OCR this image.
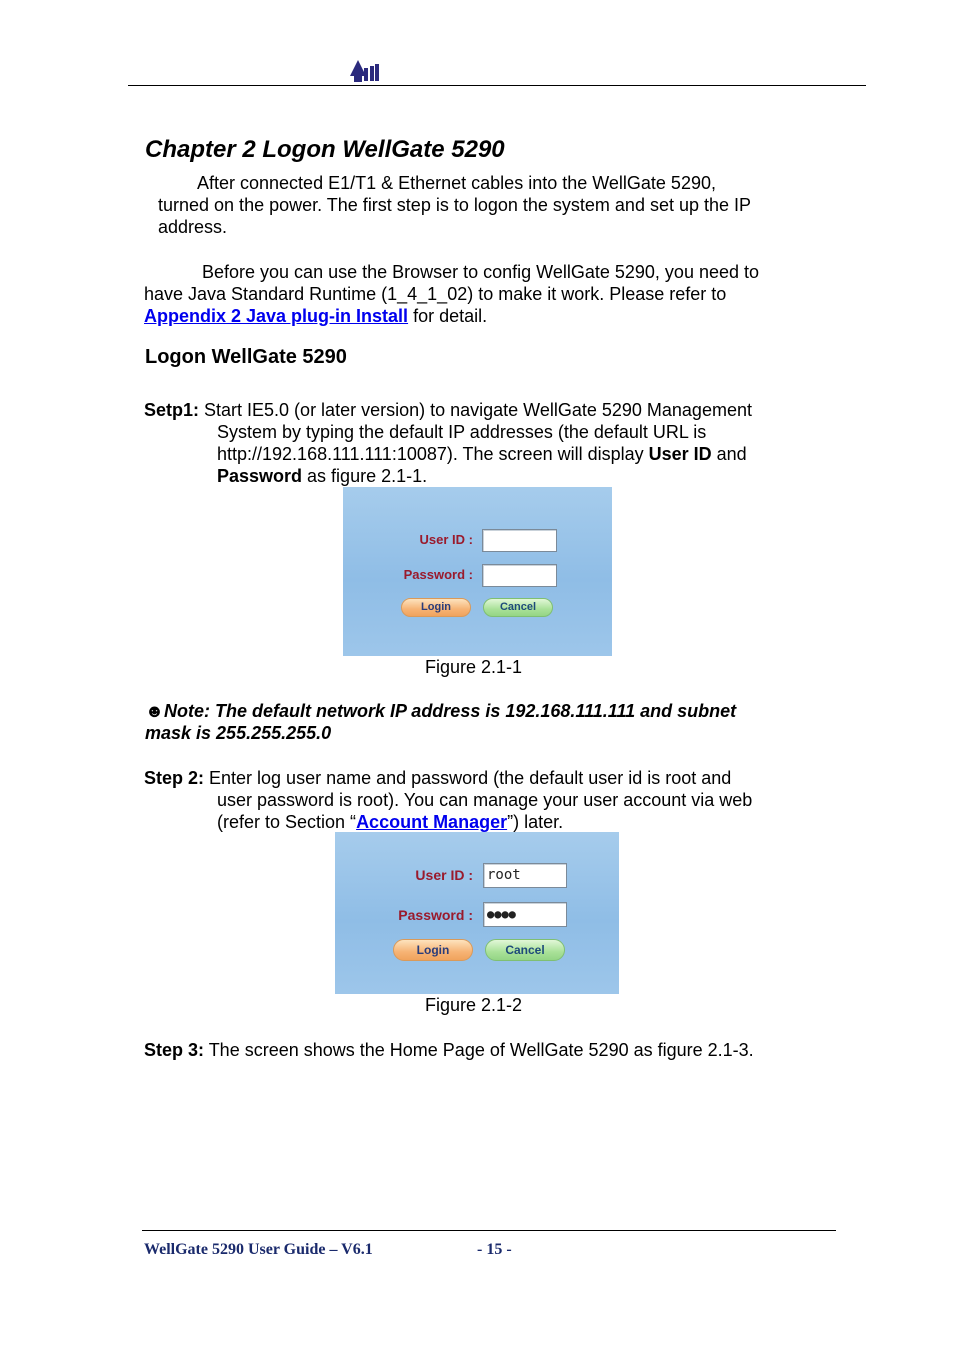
Chapter 2 Logon WellGate 5290
After connected E1/T1 & Ethernet cables into the WellGate 5290,
turned on the power. The first step is to logon the system and set up the IP
address.
Before you can use the Browser to config WellGate 5290, you need to
have Java Standard Runtime (1_4_1_02) to make it work. Please refer to
Appendix 2 Java plug-in Install for detail.
Logon WellGate 5290
Setp1: Start IE5.0 (or later version) to navigate WellGate 5290 Management
System by typing the default IP addresses (the default URL is
http://192.168.111.111:10087). The screen will display User ID and
Password as figure 2.1-1.
User ID :
Password :
Login	Cancel
Figure 2.1-1
☻Note: The default network IP address is 192.168.111.111 and subnet
mask is 255.255.255.0
Step 2: Enter log user name and password (the default user id is root and
user password is root). You can manage your user account via web
(refer to Section “Account Manager”) later.
User ID : root
Password :	●●●●
Login	Cancel
Figure 2.1-2
Step 3: The screen shows the Home Page of WellGate 5290 as figure 2.1-3.
WellGate 5290 User Guide – V6.1	- 15 -
